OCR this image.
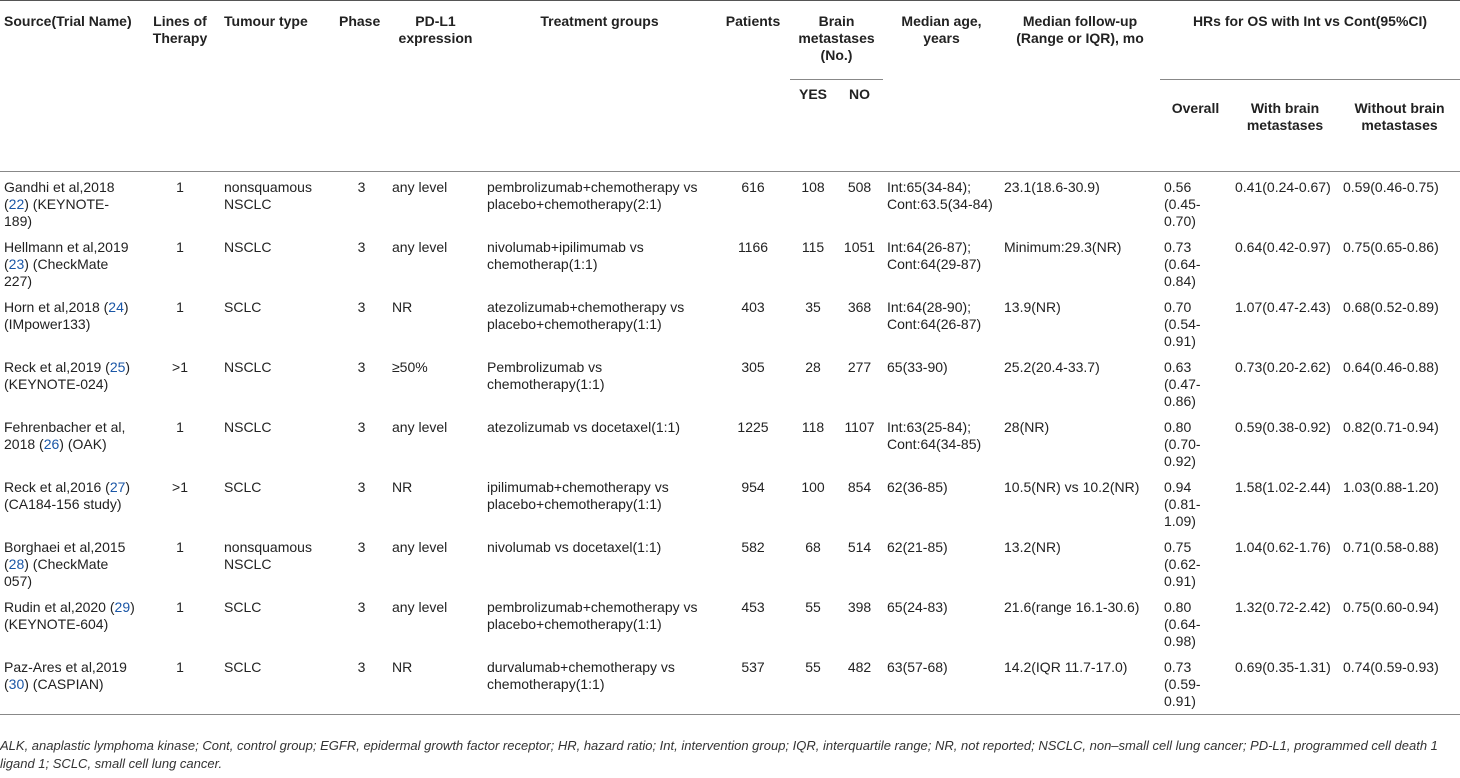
Source(Trial Name)	Lines of Therapy	Tumour type	Phase	PD-L1 expression	Treatment groups	Patients	Brain metastases (No.)		Median age, years	Median follow-up (Range or IQR), mo	HRs for OS with Int vs Cont(95%CI)		
							YES	NO			Overall	With brain metastases	Without brain metastases

Gandhi et al,2018 (22) (KEYNOTE-189)	1	nonsquamous NSCLC	3	any level	pembrolizumab+chemotherapy vs placebo+chemotherapy(2:1)	616	108	508	Int:65(34-84); Cont:63.5(34-84)	23.1(18.6-30.9)	0.56 (0.45-0.70)	0.41(0.24-0.67)	0.59(0.46-0.75)
Hellmann et al,2019 (23) (CheckMate 227)	1	NSCLC	3	any level	nivolumab+ipilimumab vs chemotherap(1:1)	1166	115	1051	Int:64(26-87); Cont:64(29-87)	Minimum:29.3(NR)	0.73 (0.64-0.84)	0.64(0.42-0.97)	0.75(0.65-0.86)
Horn et al,2018 (24) (IMpower133)	1	SCLC	3	NR	atezolizumab+chemotherapy vs placebo+chemotherapy(1:1)	403	35	368	Int:64(28-90); Cont:64(26-87)	13.9(NR)	0.70 (0.54-0.91)	1.07(0.47-2.43)	0.68(0.52-0.89)
Reck et al,2019 (25) (KEYNOTE-024)	>1	NSCLC	3	≥50%	Pembrolizumab vs chemotherapy(1:1)	305	28	277	65(33-90)	25.2(20.4-33.7)	0.63 (0.47-0.86)	0.73(0.20-2.62)	0.64(0.46-0.88)
Fehrenbacher et al, 2018 (26) (OAK)	1	NSCLC	3	any level	atezolizumab vs docetaxel(1:1)	1225	118	1107	Int:63(25-84); Cont:64(34-85)	28(NR)	0.80 (0.70-0.92)	0.59(0.38-0.92)	0.82(0.71-0.94)
Reck et al,2016 (27) (CA184-156 study)	>1	SCLC	3	NR	ipilimumab+chemotherapy vs placebo+chemotherapy(1:1)	954	100	854	62(36-85)	10.5(NR) vs 10.2(NR)	0.94 (0.81-1.09)	1.58(1.02-2.44)	1.03(0.88-1.20)
Borghaei et al,2015 (28) (CheckMate 057)	1	nonsquamous NSCLC	3	any level	nivolumab vs docetaxel(1:1)	582	68	514	62(21-85)	13.2(NR)	0.75 (0.62-0.91)	1.04(0.62-1.76)	0.71(0.58-0.88)
Rudin et al,2020 (29) (KEYNOTE-604)	1	SCLC	3	any level	pembrolizumab+chemotherapy vs placebo+chemotherapy(1:1)	453	55	398	65(24-83)	21.6(range 16.1-30.6)	0.80 (0.64-0.98)	1.32(0.72-2.42)	0.75(0.60-0.94)
Paz-Ares et al,2019 (30) (CASPIAN)	1	SCLC	3	NR	durvalumab+chemotherapy vs chemotherapy(1:1)	537	55	482	63(57-68)	14.2(IQR 11.7-17.0)	0.73 (0.59-0.91)	0.69(0.35-1.31)	0.74(0.59-0.93)
ALK, anaplastic lymphoma kinase; Cont, control group; EGFR, epidermal growth factor receptor; HR, hazard ratio; Int, intervention group; IQR, interquartile range; NR, not reported; NSCLC, non–small cell lung cancer; PD-L1, programmed cell death 1 ligand 1; SCLC, small cell lung cancer.
